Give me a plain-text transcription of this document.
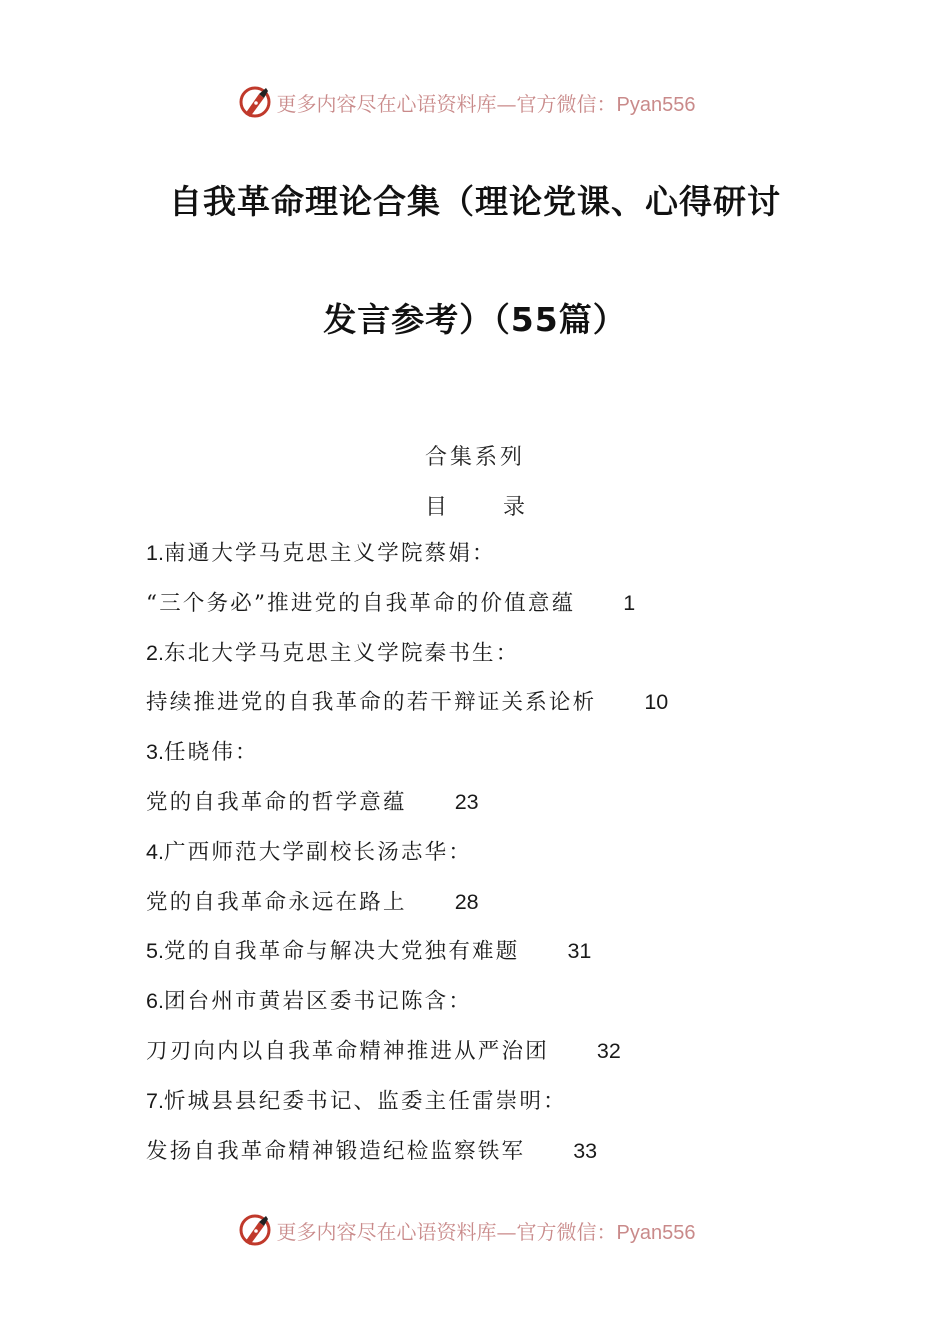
更多内容尽在心语资料库—官方微信：Pyan556
自我革命理论合集（理论党课、心得研讨
发言参考）（55篇）
合集系列
目	录
1.南通大学马克思主义学院蔡娟：
“三个务必”推进党的自我革命的价值意蕴 1
2.东北大学马克思主义学院秦书生：
持续推进党的自我革命的若干辩证关系论析 10
3.任晓伟：
党的自我革命的哲学意蕴 23
4.广西师范大学副校长汤志华：
党的自我革命永远在路上 28
5.党的自我革命与解决大党独有难题 31
6.团台州市黄岩区委书记陈含：
刀刃向内以自我革命精神推进从严治团 32
7.忻城县县纪委书记、监委主任雷崇明：
发扬自我革命精神锻造纪检监察铁军 33
更多内容尽在心语资料库—官方微信：Pyan556
